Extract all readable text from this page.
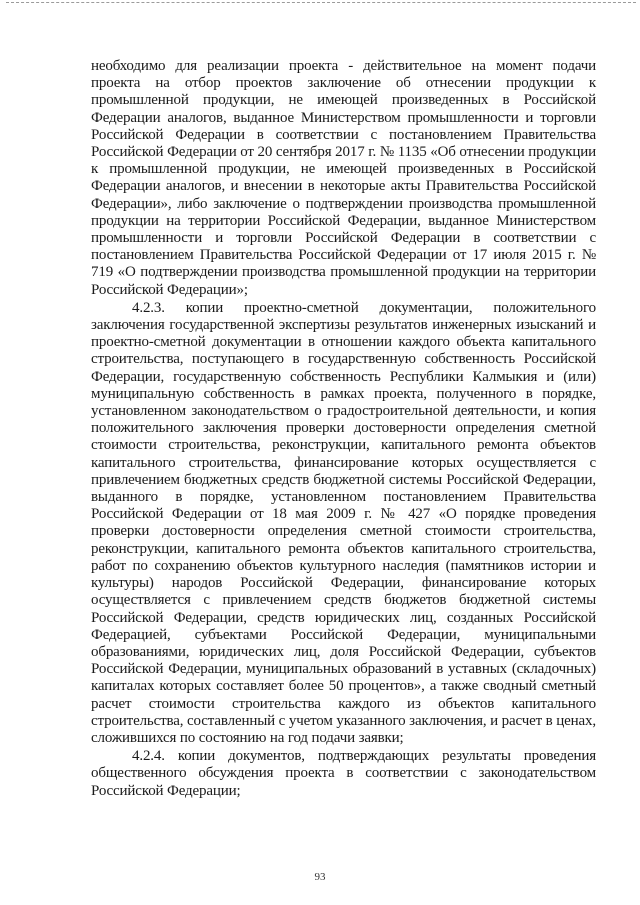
необходимо для реализации проекта - действительное на момент подачи проекта на отбор проектов заключение об отнесении продукции к промышленной продукции, не имеющей произведенных в Российской Федерации аналогов, выданное Министерством промышленности и торговли Российской Федерации в соответствии с постановлением Правительства Российской Федерации от 20 сентября 2017 г. № 1135 «Об отнесении продукции к промышленной продукции, не имеющей произведенных в Российской Федерации аналогов, и внесении в некоторые акты Правительства Российской Федерации», либо заключение о подтверждении производства промышленной продукции на территории Российской Федерации, выданное Министерством промышленности и торговли Российской Федерации в соответствии с постановлением Правительства Российской Федерации от 17 июля 2015 г. № 719 «О подтверждении производства промышленной продукции на территории Российской Федерации»;

4.2.3. копии проектно-сметной документации, положительного заключения государственной экспертизы результатов инженерных изысканий и проектно-сметной документации в отношении каждого объекта капитального строительства, поступающего в государственную собственность Российской Федерации, государственную собственность Республики Калмыкия и (или) муниципальную собственность в рамках проекта, полученного в порядке, установленном законодательством о градостроительной деятельности, и копия положительного заключения проверки достоверности определения сметной стоимости строительства, реконструкции, капитального ремонта объектов капитального строительства, финансирование которых осуществляется с привлечением бюджетных средств бюджетной системы Российской Федерации, выданного в порядке, установленном постановлением Правительства Российской Федерации от 18 мая 2009 г. № 427 «О порядке проведения проверки достоверности определения сметной стоимости строительства, реконструкции, капитального ремонта объектов капитального строительства, работ по сохранению объектов культурного наследия (памятников истории и культуры) народов Российской Федерации, финансирование которых осуществляется с привлечением средств бюджетов бюджетной системы Российской Федерации, средств юридических лиц, созданных Российской Федерацией, субъектами Российской Федерации, муниципальными образованиями, юридических лиц, доля Российской Федерации, субъектов Российской Федерации, муниципальных образований в уставных (складочных) капиталах которых составляет более 50 процентов», а также сводный сметный расчет стоимости строительства каждого из объектов капитального строительства, составленный с учетом указанного заключения, и расчет в ценах, сложившихся по состоянию на год подачи заявки;

4.2.4. копии документов, подтверждающих результаты проведения общественного обсуждения проекта в соответствии с законодательством Российской Федерации;

93
